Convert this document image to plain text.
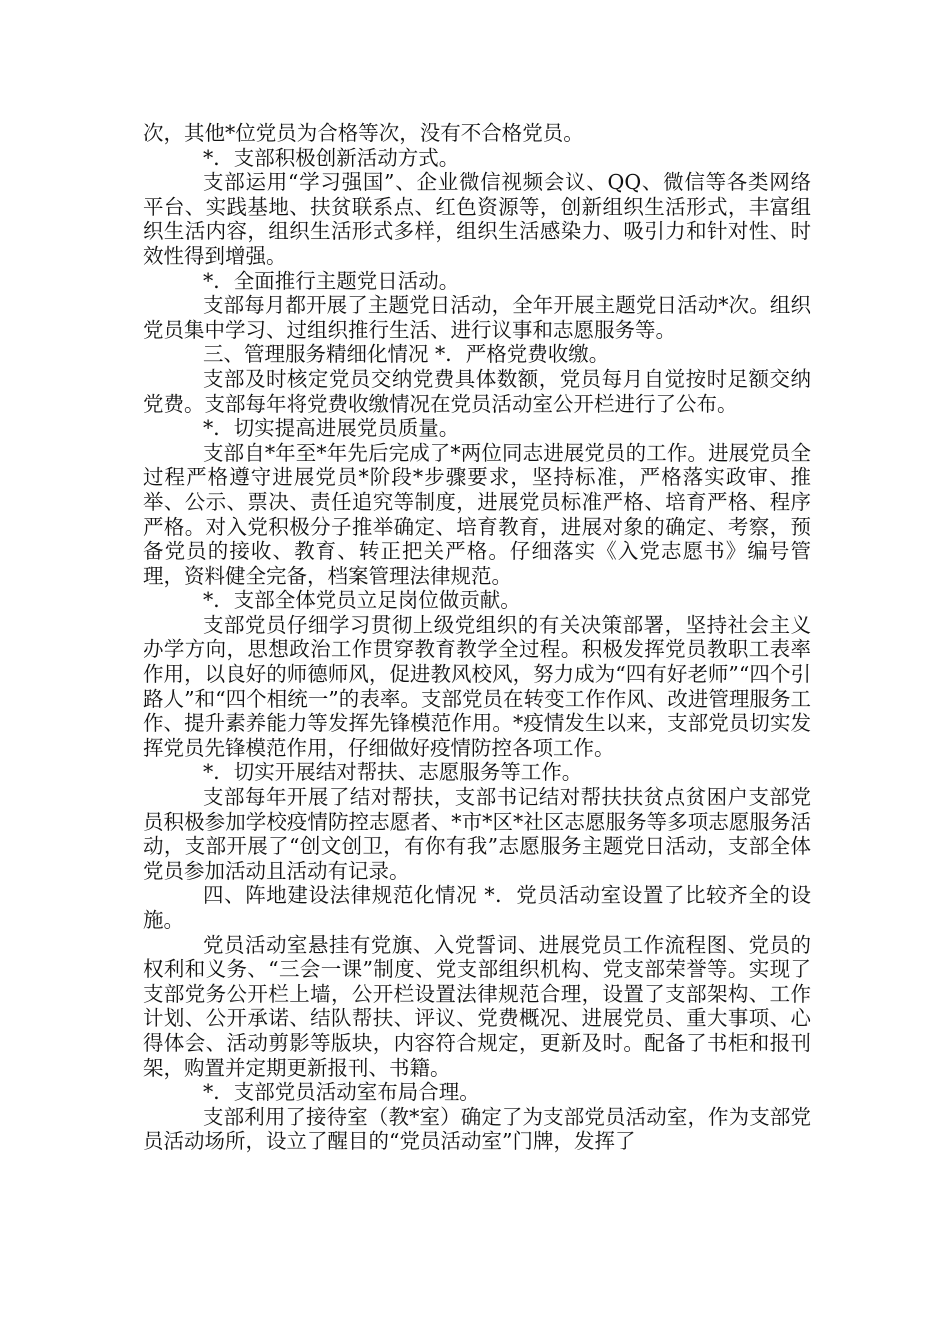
次，其他*位党员为合格等次，没有不合格党员。

*．支部积极创新活动方式。

支部运用“学习强国”、企业微信视频会议、QQ、微信等各类网络平台、实践基地、扶贫联系点、红色资源等，创新组织生活形式，丰富组织生活内容，组织生活形式多样，组织生活感染力、吸引力和针对性、时效性得到增强。

*．全面推行主题党日活动。

支部每月都开展了主题党日活动，全年开展主题党日活动*次。组织党员集中学习、过组织推行生活、进行议事和志愿服务等。

三、管理服务精细化情况 *．严格党费收缴。

支部及时核定党员交纳党费具体数额，党员每月自觉按时足额交纳党费。支部每年将党费收缴情况在党员活动室公开栏进行了公布。

*．切实提高进展党员质量。

支部自*年至*年先后完成了*两位同志进展党员的工作。进展党员全过程严格遵守进展党员*阶段*步骤要求，坚持标准，严格落实政审、推举、公示、票决、责任追究等制度，进展党员标准严格、培育严格、程序严格。对入党积极分子推举确定、培育教育，进展对象的确定、考察，预备党员的接收、教育、转正把关严格。仔细落实《入党志愿书》编号管理，资料健全完备，档案管理法律规范。

*．支部全体党员立足岗位做贡献。

支部党员仔细学习贯彻上级党组织的有关决策部署，坚持社会主义办学方向，思想政治工作贯穿教育教学全过程。积极发挥党员教职工表率作用，以良好的师德师风，促进教风校风，努力成为“四有好老师”“四个引路人”和“四个相统一”的表率。支部党员在转变工作作风、改进管理服务工作、提升素养能力等发挥先锋模范作用。*疫情发生以来，支部党员切实发挥党员先锋模范作用，仔细做好疫情防控各项工作。

*．切实开展结对帮扶、志愿服务等工作。

支部每年开展了结对帮扶，支部书记结对帮扶扶贫点贫困户支部党员积极参加学校疫情防控志愿者、*市*区*社区志愿服务等多项志愿服务活动，支部开展了“创文创卫，有你有我”志愿服务主题党日活动，支部全体党员参加活动且活动有记录。

四、阵地建设法律规范化情况 *．党员活动室设置了比较齐全的设施。

党员活动室悬挂有党旗、入党誓词、进展党员工作流程图、党员的权利和义务、“三会一课”制度、党支部组织机构、党支部荣誉等。实现了支部党务公开栏上墙，公开栏设置法律规范合理，设置了支部架构、工作计划、公开承诺、结队帮扶、评议、党费概况、进展党员、重大事项、心得体会、活动剪影等版块，内容符合规定，更新及时。配备了书柜和报刊架，购置并定期更新报刊、书籍。

*．支部党员活动室布局合理。

支部利用了接待室（教*室）确定了为支部党员活动室，作为支部党员活动场所，设立了醒目的“党员活动室”门牌，发挥了
